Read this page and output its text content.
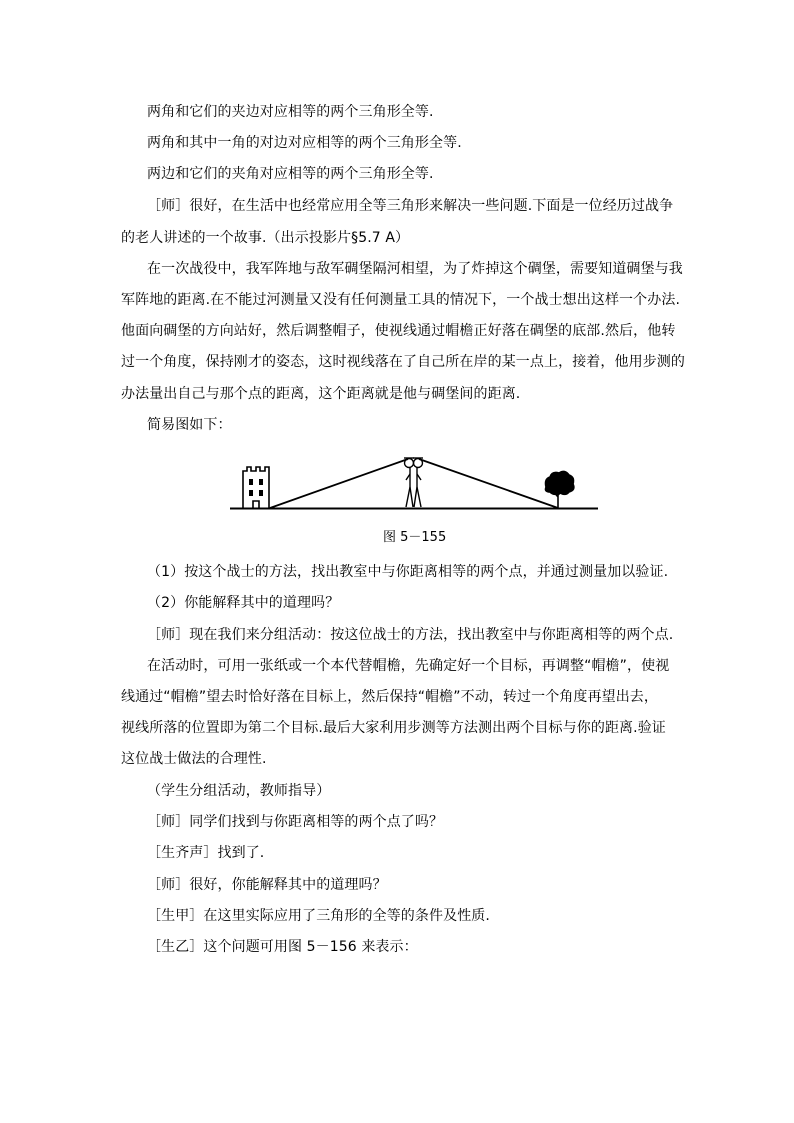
两角和它们的夹边对应相等的两个三角形全等.
两角和其中一角的对边对应相等的两个三角形全等.
两边和它们的夹角对应相等的两个三角形全等.
［师］很好，在生活中也经常应用全等三角形来解决一些问题.下面是一位经历过战争
的老人讲述的一个故事.（出示投影片§5.7 A）
在一次战役中，我军阵地与敌军碉堡隔河相望，为了炸掉这个碉堡，需要知道碉堡与我
军阵地的距离.在不能过河测量又没有任何测量工具的情况下，一个战士想出这样一个办法.
他面向碉堡的方向站好，然后调整帽子，使视线通过帽檐正好落在碉堡的底部.然后，他转
过一个角度，保持刚才的姿态，这时视线落在了自己所在岸的某一点上，接着，他用步测的
办法量出自己与那个点的距离，这个距离就是他与碉堡间的距离.
简易图如下：
图 5－155
（1）按这个战士的方法，找出教室中与你距离相等的两个点，并通过测量加以验证.
（2）你能解释其中的道理吗？
［师］现在我们来分组活动：按这位战士的方法，找出教室中与你距离相等的两个点.
在活动时，可用一张纸或一个本代替帽檐，先确定好一个目标，再调整“帽檐”，使视
线通过“帽檐”望去时恰好落在目标上，然后保持“帽檐”不动，转过一个角度再望出去，
视线所落的位置即为第二个目标.最后大家利用步测等方法测出两个目标与你的距离.验证
这位战士做法的合理性.
（学生分组活动，教师指导）
［师］同学们找到与你距离相等的两个点了吗？
［生齐声］找到了.
［师］很好，你能解释其中的道理吗？
［生甲］在这里实际应用了三角形的全等的条件及性质.
［生乙］这个问题可用图 5－156 来表示：
